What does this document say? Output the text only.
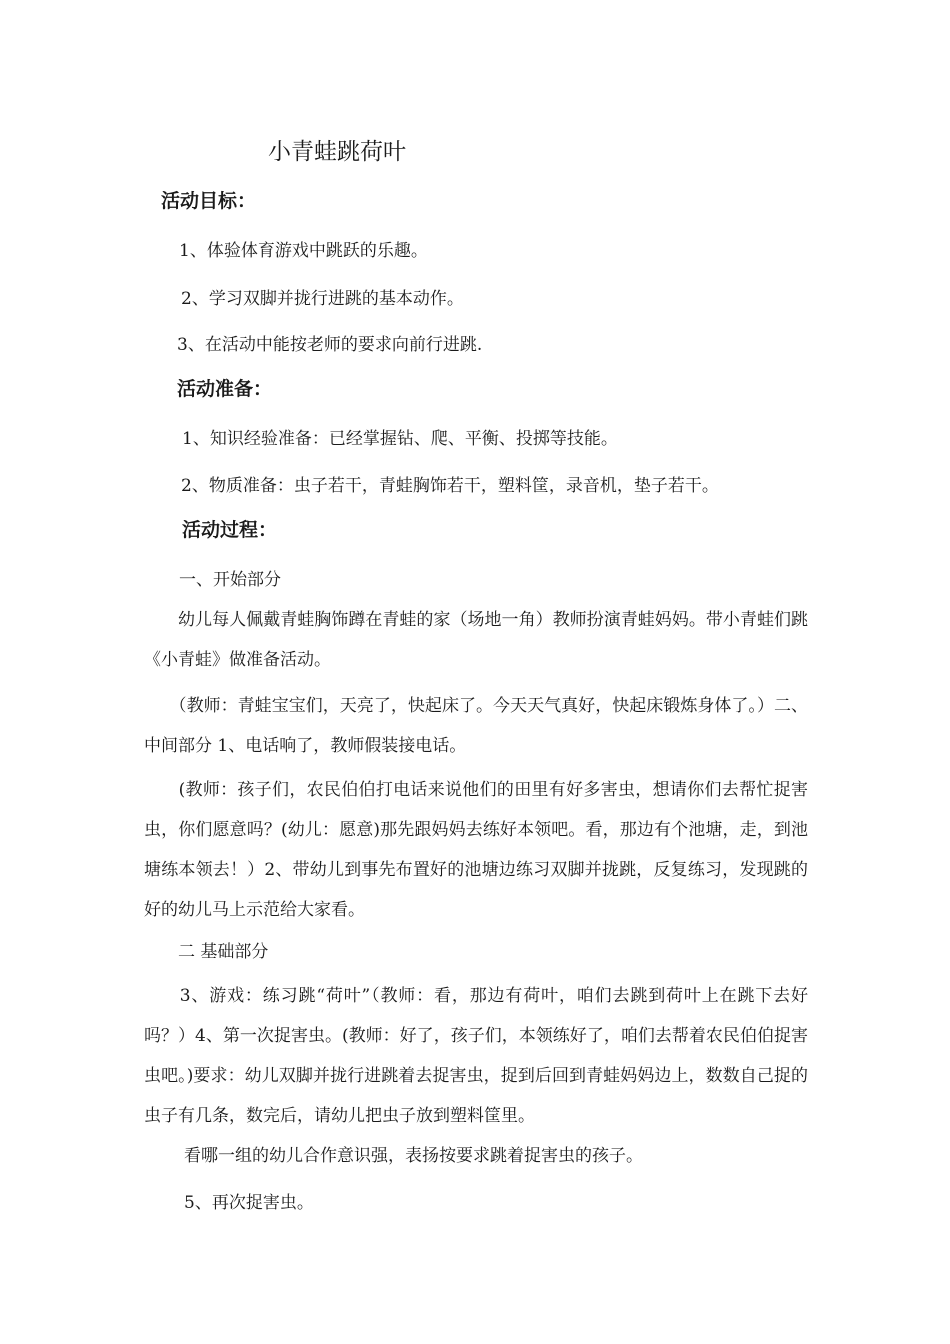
小青蛙跳荷叶
活动目标：
1、体验体育游戏中跳跃的乐趣。
2、学习双脚并拢行进跳的基本动作。
3、在活动中能按老师的要求向前行进跳.
活动准备：
1、知识经验准备：已经掌握钻、爬、平衡、投掷等技能。
2、物质准备：虫子若干，青蛙胸饰若干，塑料筐，录音机，垫子若干。
活动过程：
一、开始部分
　　幼儿每人佩戴青蛙胸饰蹲在青蛙的家（场地一角）教师扮演青蛙妈妈。带小青蛙们跳《小青蛙》做准备活动。
　　（教师：青蛙宝宝们，天亮了，快起床了。今天天气真好，快起床锻炼身体了。）二、中间部分 1、电话响了，教师假装接电话。
　　(教师：孩子们，农民伯伯打电话来说他们的田里有好多害虫，想请你们去帮忙捉害虫，你们愿意吗？(幼儿：愿意)那先跟妈妈去练好本领吧。看，那边有个池塘，走，到池塘练本领去！）2、带幼儿到事先布置好的池塘边练习双脚并拢跳，反复练习，发现跳的好的幼儿马上示范给大家看。
二 基础部分
　　3、游戏：练习跳“荷叶”（教师：看，那边有荷叶，咱们去跳到荷叶上在跳下去好吗？）4、第一次捉害虫。(教师：好了，孩子们，本领练好了，咱们去帮着农民伯伯捉害虫吧。)要求：幼儿双脚并拢行进跳着去捉害虫，捉到后回到青蛙妈妈边上，数数自己捉的虫子有几条，数完后，请幼儿把虫子放到塑料筐里。
看哪一组的幼儿合作意识强，表扬按要求跳着捉害虫的孩子。
5、再次捉害虫。
